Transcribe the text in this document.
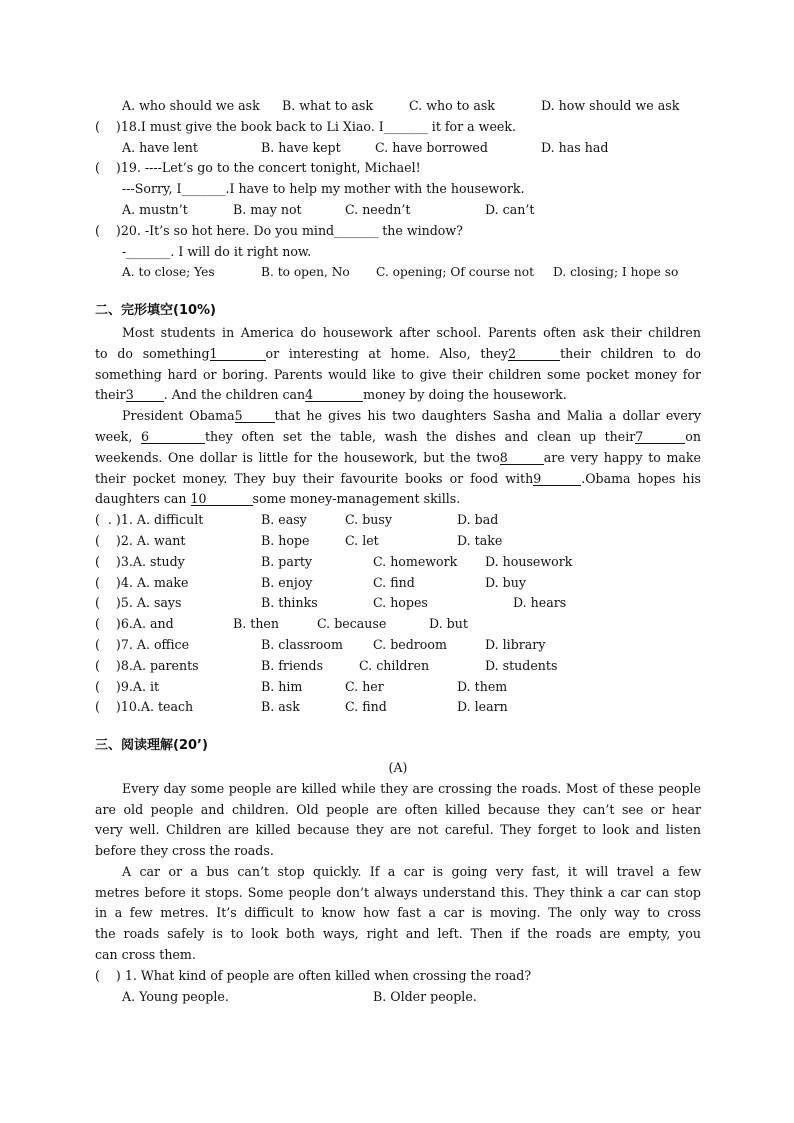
A. who should we ask

B. what to ask

	C. who to ask

	D. how should we ask

(    )18.I must give the book back to Li Xiao. I_______ it for a week.

A. have lent

	B. have kept

	C. have borrowed

	D. has had

(    )19. ----Let’s go to the concert tonight, Michael!
---Sorry, I_______.I have to help my mother with the housework.

A. mustn’t

	B. may not

	C. needn’t

	D. can’t

(    )20. -It’s so hot here. Do you mind_______ the window?
-_______. I will do it right now.

A. to close; Yes

	B. to open, No

C. opening; Of course not

D. closing; I hope so

二、完形填空(10%)
Most students in America do housework after school. Parents often ask their children
to do something1	or interesting at home. Also, they2	their children to do
something hard or boring. Parents would like to give their children some pocket money for
their3 . And the children can4	money by doing the housework.
President Obama5	that he gives his two daughters Sasha and Malia a dollar every
week, 6	they often set the table, wash the dishes and clean up their7	on
weekends. One dollar is little for the housework, but the two8	are very happy to make
their pocket money. They buy their favourite books or food with9	.Obama hopes his
daughters can 10	some money-management skills.
(  . )1. A. difficult	B. easy	C. busy	D. bad
(    )2. A. want	B. hope	C. let	D. take
(    )3.A. study	B. party	C. homework D. housework
(    )4. A. make	B. enjoy	C. find	D. buy
(    )5. A. says	B. thinks	C. hopes	D. hears
(    )6.A. and	B. then	C. because	D. but
(    )7. A. office	B. classroom C. bedroom	D. library
(    )8.A. parents	B. friends	C. children	D. students
(    )9.A. it	B. him	C. her	D. them
(    )10.A. teach	B. ask	C. find	D. learn
三、阅读理解(20’)
(A)
Every day some people are killed while they are crossing the roads. Most of these people
are old people and children. Old people are often killed because they can’t see or hear
very well. Children are killed because they are not careful. They forget to look and listen
before they cross the roads.
A car or a bus can’t stop quickly. If a car is going very fast, it will travel a few
metres before it stops. Some people don’t always understand this. They think a car can stop
in a few metres. It’s difficult to know how fast a car is moving. The only way to cross
the roads safely is to look both ways, right and left. Then if the roads are empty, you
can cross them.
(    ) 1. What kind of people are often killed when crossing the road?

A. Young people.

	B. Older people.
